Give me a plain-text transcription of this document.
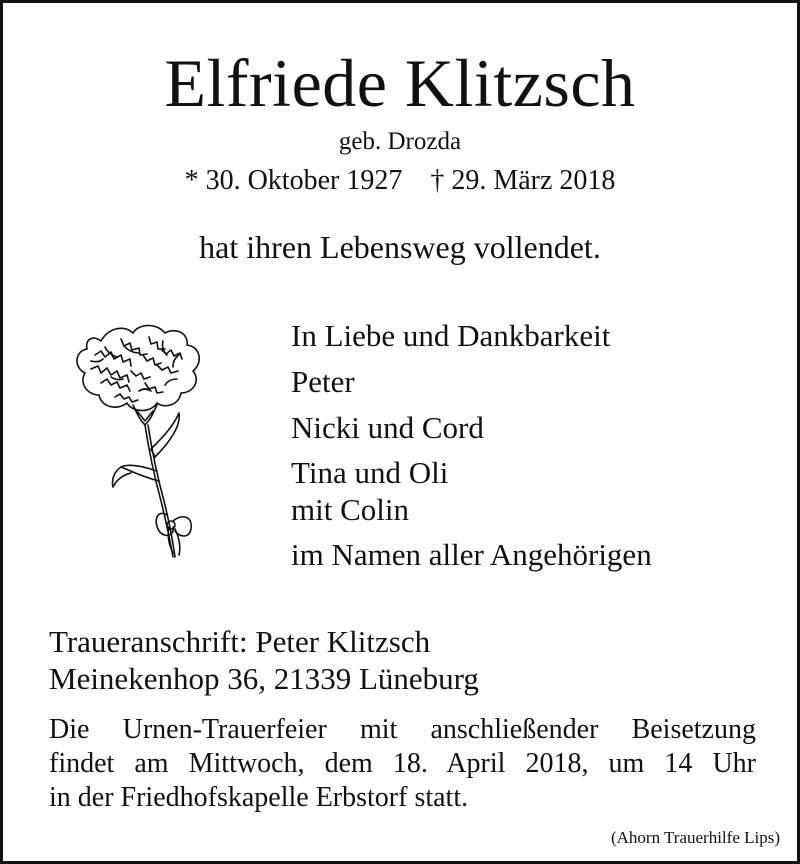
Elfriede Klitzsch
geb. Drozda
* 30. Oktober 1927 † 29. März 2018
hat ihren Lebensweg vollendet.
In Liebe und Dankbarkeit
Peter
Nicki und Cord
Tina und Oli
mit Colin
im Namen aller Angehörigen
Traueranschrift: Peter Klitzsch
Meinekenhop 36, 21339 Lüneburg
Die Urnen-Trauerfeier mit anschließender Beisetzung
findet am Mittwoch, dem 18. April 2018, um 14 Uhr
in der Friedhofskapelle Erbstorf statt.
(Ahorn Trauerhilfe Lips)
